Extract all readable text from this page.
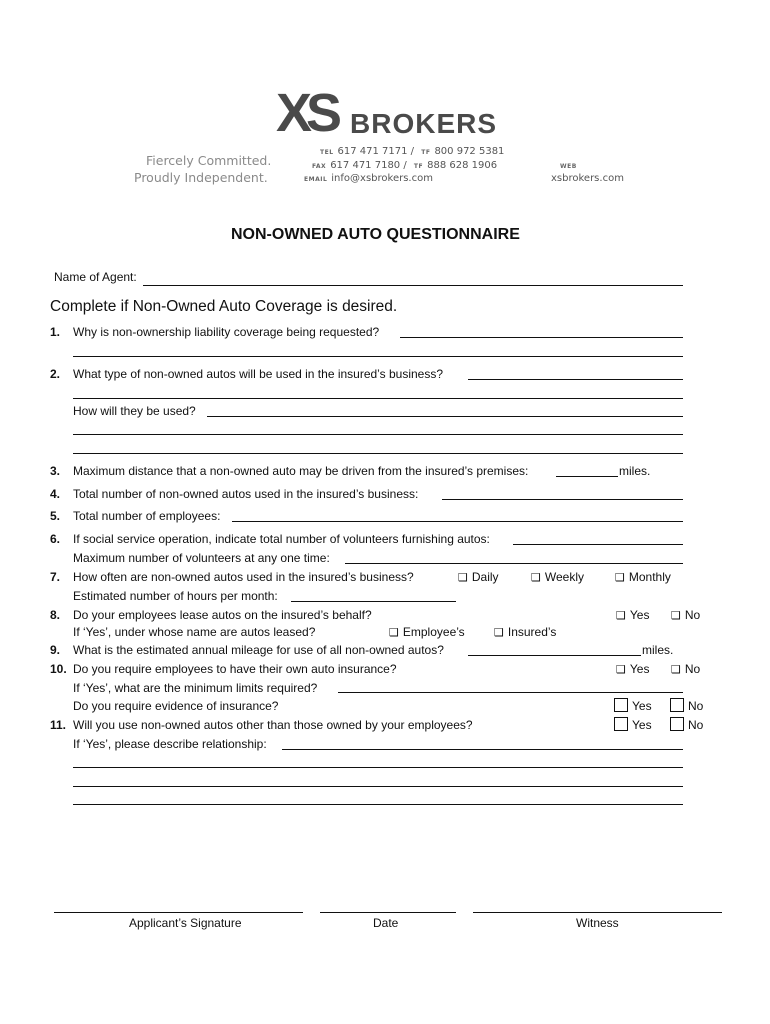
XS BROKERS
Fiercely Committed.
Proudly Independent.
TEL 617 471 7171 / TF 800 972 5381
FAX 617 471 7180 / TF 888 628 1906
EMAIL info@xsbrokers.com
WEB
xsbrokers.com
NON-OWNED AUTO QUESTIONNAIRE
Name of Agent:
Complete if Non-Owned Auto Coverage is desired.
1. Why is non-ownership liability coverage being requested?
2. What type of non-owned autos will be used in the insured’s business?
How will they be used?
3. Maximum distance that a non-owned auto may be driven from the insured’s premises:	miles.
4. Total number of non-owned autos used in the insured’s business:
5. Total number of employees:
6. If social service operation, indicate total number of volunteers furnishing autos:
Maximum number of volunteers at any one time:
7. How often are non-owned autos used in the insured’s business?	❑ Daily	❑ Weekly	❑ Monthly
Estimated number of hours per month:
8. Do your employees lease autos on the insured’s behalf?	❑ Yes ❑ No
If ‘Yes’, under whose name are autos leased?	❑ Employee’s	❑ Insured’s
9. What is the estimated annual mileage for use of all non-owned autos?	miles.
10. Do you require employees to have their own auto insurance?	❑ Yes ❑ No
If ‘Yes’, what are the minimum limits required?
Do you require evidence of insurance?	Yes	No
11. Will you use non-owned autos other than those owned by your employees?	Yes	No
If ‘Yes’, please describe relationship:
Applicant’s Signature	Date	Witness
